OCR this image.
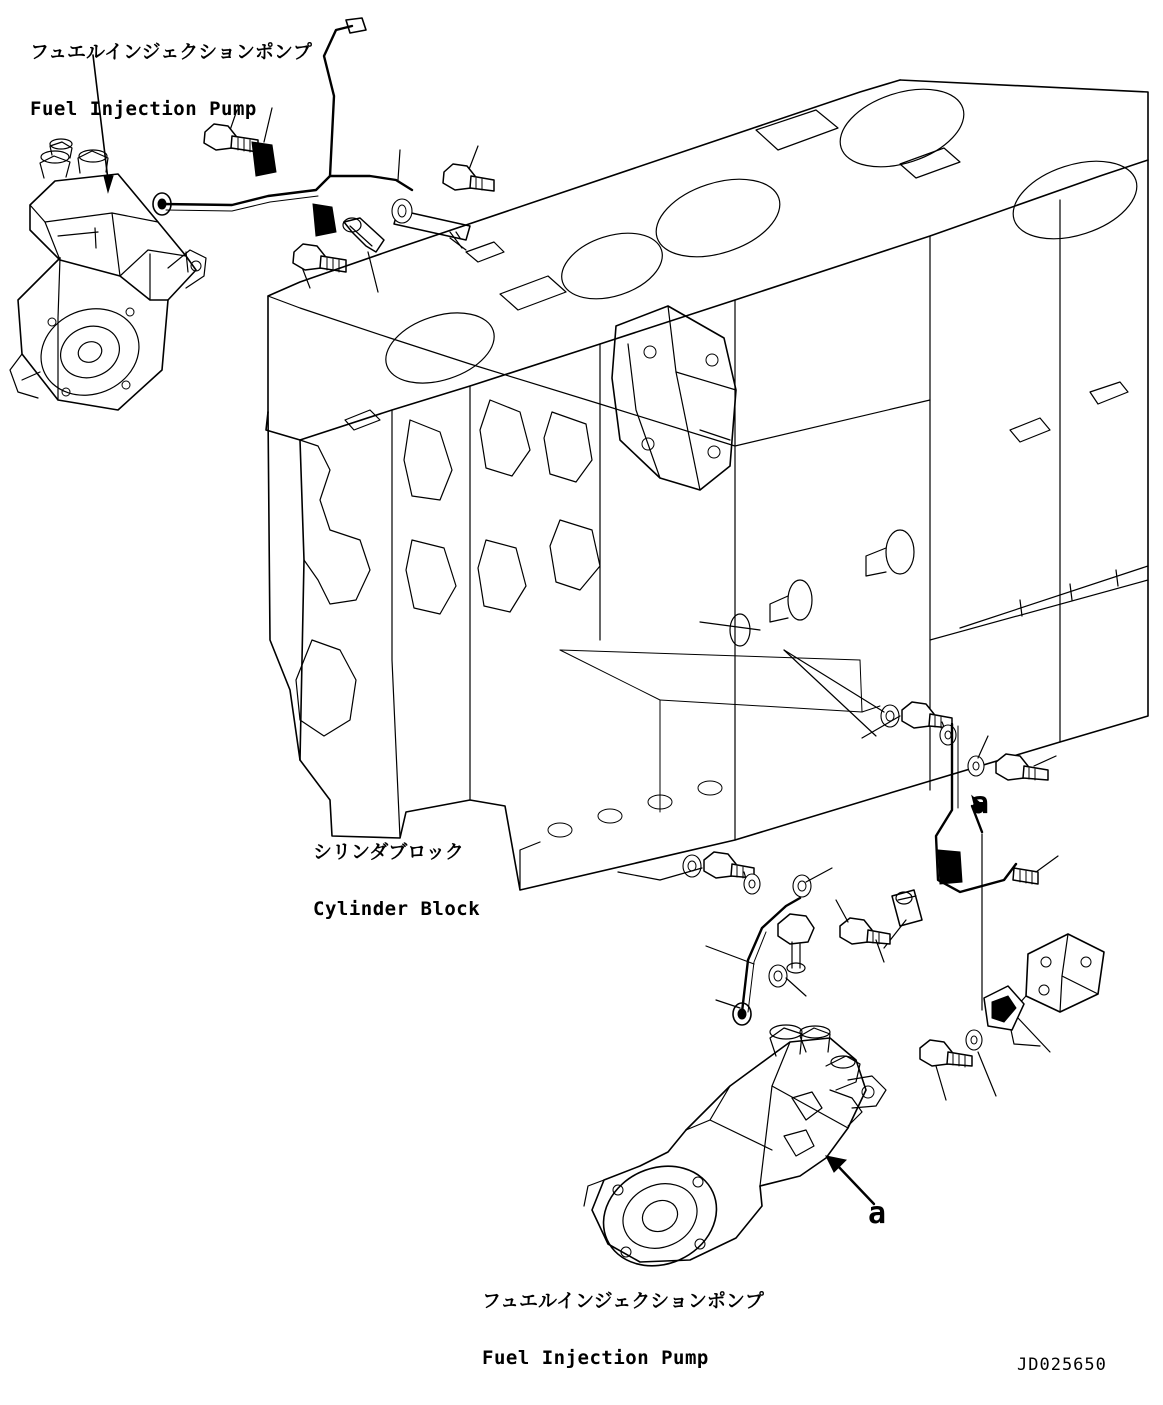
フュエルインジェクションポンプ

Fuel Injection Pump

シリンダブロック

Cylinder Block

フュエルインジェクションポンプ

Fuel Injection Pump

a
a
JD025650
